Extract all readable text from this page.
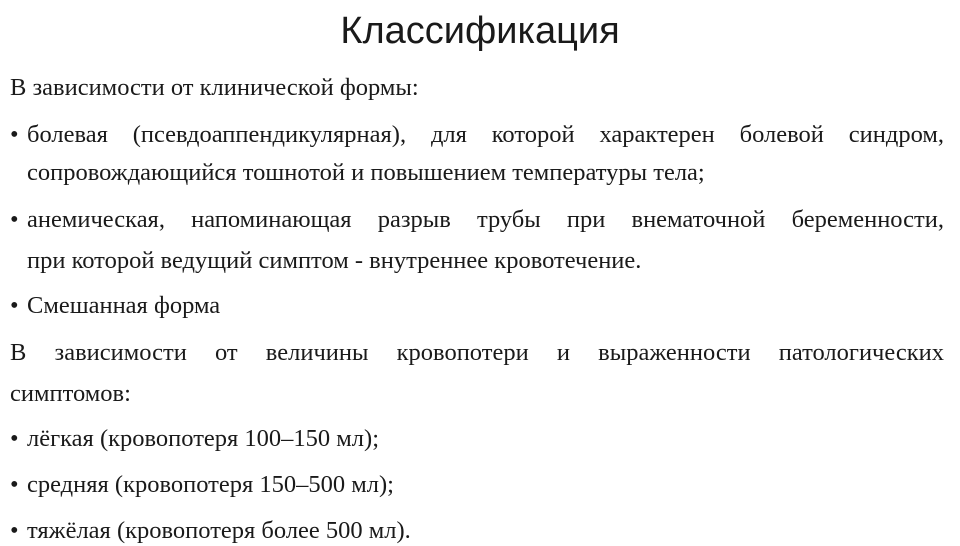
Классификация
В зависимости от клинической формы:
• болевая (псевдоаппендикулярная), для которой характерен болевой синдром,
сопровождающийся тошнотой и повышением температуры тела;
• анемическая, напоминающая разрыв трубы при внематочной беременности,
при которой ведущий симптом - внутреннее кровотечение.
• Смешанная форма
В зависимости от величины кровопотери и выраженности патологических
симптомов:
• лёгкая (кровопотеря 100–150 мл);
• средняя (кровопотеря 150–500 мл);
• тяжёлая (кровопотеря более 500 мл).
